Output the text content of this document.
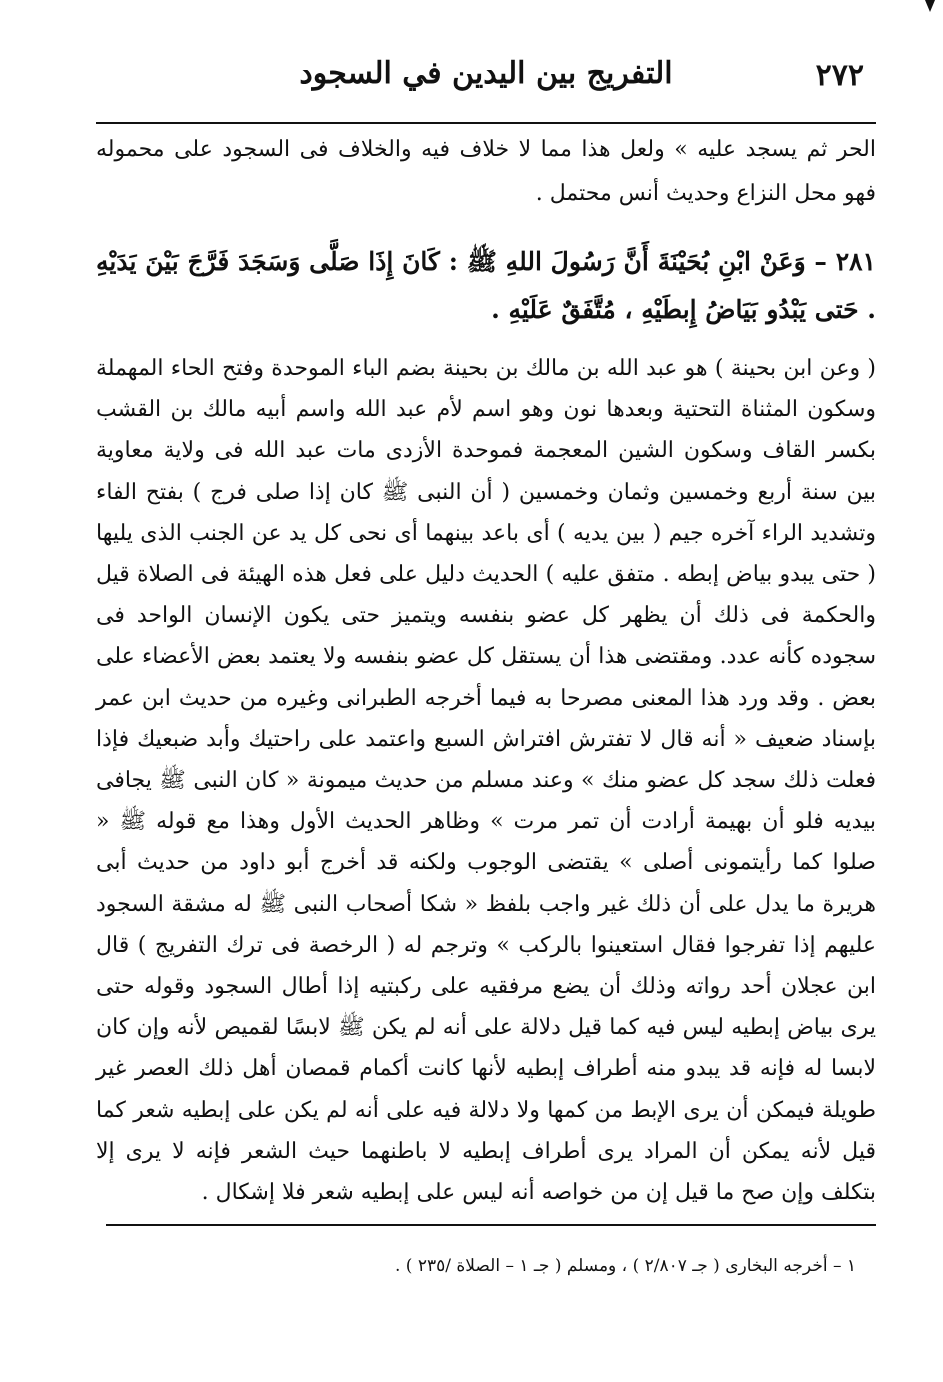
٢٧٢
التفريج بين اليدين في السجود

الحر ثم يسجد عليه » ولعل هذا مما لا خلاف فيه والخلاف فى السجود على محموله فهو محل النزاع وحديث أنس محتمل .

٢٨١ – وَعَنْ ابْنِ بُحَيْنَةَ أَنَّ رَسُولَ اللهِ ﷺ : كَانَ إِذَا صَلَّى وَسَجَدَ فَرَّجَ بَيْنَ يَدَيْهِ . حَتى يَبْدُو بَيَاضُ إِبطَيْهِ ، مُتَّفَقٌ عَلَيْهِ .

( وعن ابن بحينة ) هو عبد الله بن مالك بن بحينة بضم الباء الموحدة وفتح الحاء المهملة وسكون المثناة التحتية وبعدها نون وهو اسم لأم عبد الله واسم أبيه مالك بن القشب بكسر القاف وسكون الشين المعجمة فموحدة الأزدى مات عبد الله فى ولاية معاوية بين سنة أربع وخمسين وثمان وخمسين ( أن النبى ﷺ كان إذا صلى فرج ) بفتح الفاء وتشديد الراء آخره جيم ( بين يديه ) أى باعد بينهما أى نحى كل يد عن الجنب الذى يليها ( حتى يبدو بياض إبطه . متفق عليه ) الحديث دليل على فعل هذه الهيئة فى الصلاة قيل والحكمة فى ذلك أن يظهر كل عضو بنفسه ويتميز حتى يكون الإنسان الواحد فى سجوده كأنه عدد. ومقتضى هذا أن يستقل كل عضو بنفسه ولا يعتمد بعض الأعضاء على بعض . وقد ورد هذا المعنى مصرحا به فيما أخرجه الطبرانى وغيره من حديث ابن عمر بإسناد ضعيف « أنه قال لا تفترش افتراش السبع واعتمد على راحتيك وأبد ضبعيك فإذا فعلت ذلك سجد كل عضو منك » وعند مسلم من حديث ميمونة « كان النبى ﷺ يجافى بيديه فلو أن بهيمة أرادت أن تمر مرت » وظاهر الحديث الأول وهذا مع قوله ﷺ « صلوا كما رأيتمونى أصلى » يقتضى الوجوب ولكنه قد أخرج أبو داود من حديث أبى هريرة ما يدل على أن ذلك غير واجب بلفظ « شكا أصحاب النبى ﷺ له مشقة السجود عليهم إذا تفرجوا فقال استعينوا بالركب » وترجم له ( الرخصة فى ترك التفريج ) قال ابن عجلان أحد رواته وذلك أن يضع مرفقيه على ركبتيه إذا أطال السجود وقوله حتى يرى بياض إبطيه ليس فيه كما قيل دلالة على أنه لم يكن ﷺ لابسًا لقميص لأنه وإن كان لابسا له فإنه قد يبدو منه أطراف إبطيه لأنها كانت أكمام قمصان أهل ذلك العصر غير طويلة فيمكن أن يرى الإبط من كمها ولا دلالة فيه على أنه لم يكن على إبطيه شعر كما قيل لأنه يمكن أن المراد يرى أطراف إبطيه لا باطنهما حيث الشعر فإنه لا يرى إلا بتكلف وإن صح ما قيل إن من خواصه أنه ليس على إبطيه شعر فلا إشكال .

١ – أخرجه البخارى ( جـ ٢/٨٠٧ ) ، ومسلم ( جـ ١ – الصلاة /٢٣٥ ) .
